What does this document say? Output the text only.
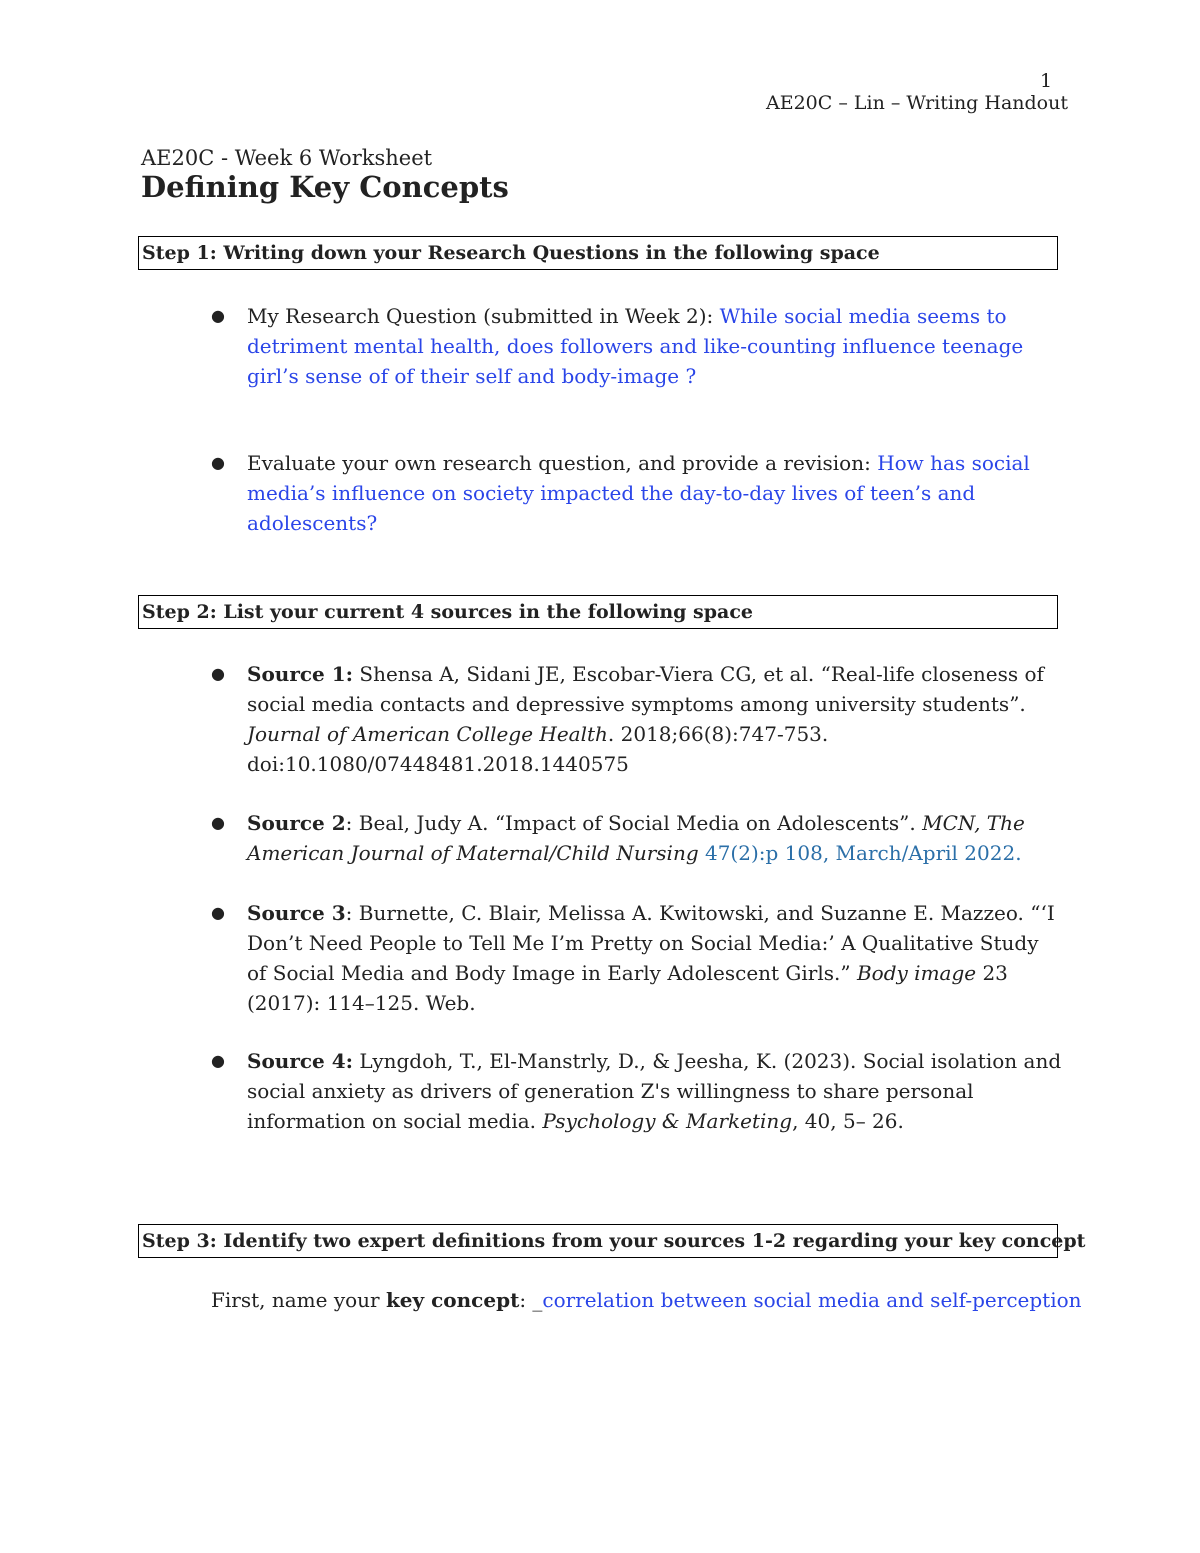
1
AE20C – Lin – Writing Handout
AE20C - Week 6 Worksheet
Defining Key Concepts
Step 1: Writing down your Research Questions in the following space
● My Research Question (submitted in Week 2): While social media seems to detriment mental health, does followers and like-counting influence teenage girl’s sense of of their self and body-image ?
● Evaluate your own research question, and provide a revision: How has social media’s influence on society impacted the day-to-day lives of teen’s and adolescents?
Step 2: List your current 4 sources in the following space
● Source 1: Shensa A, Sidani JE, Escobar-Viera CG, et al. “Real-life closeness of social media contacts and depressive symptoms among university students”. Journal of American College Health. 2018;66(8):747-753. doi:10.1080/07448481.2018.1440575
● Source 2: Beal, Judy A. “Impact of Social Media on Adolescents”. MCN, The American Journal of Maternal/Child Nursing 47(2):p 108, March/April 2022.
● Source 3: Burnette, C. Blair, Melissa A. Kwitowski, and Suzanne E. Mazzeo. “‘I Don’t Need People to Tell Me I’m Pretty on Social Media:’ A Qualitative Study of Social Media and Body Image in Early Adolescent Girls.” Body image 23 (2017): 114–125. Web.
● Source 4: Lyngdoh, T., El-Manstrly, D., & Jeesha, K. (2023). Social isolation and social anxiety as drivers of generation Z's willingness to share personal information on social media. Psychology & Marketing, 40, 5– 26.
Step 3: Identify two expert definitions from your sources 1-2 regarding your key concept
First, name your key concept: _correlation between social media and self-perception
